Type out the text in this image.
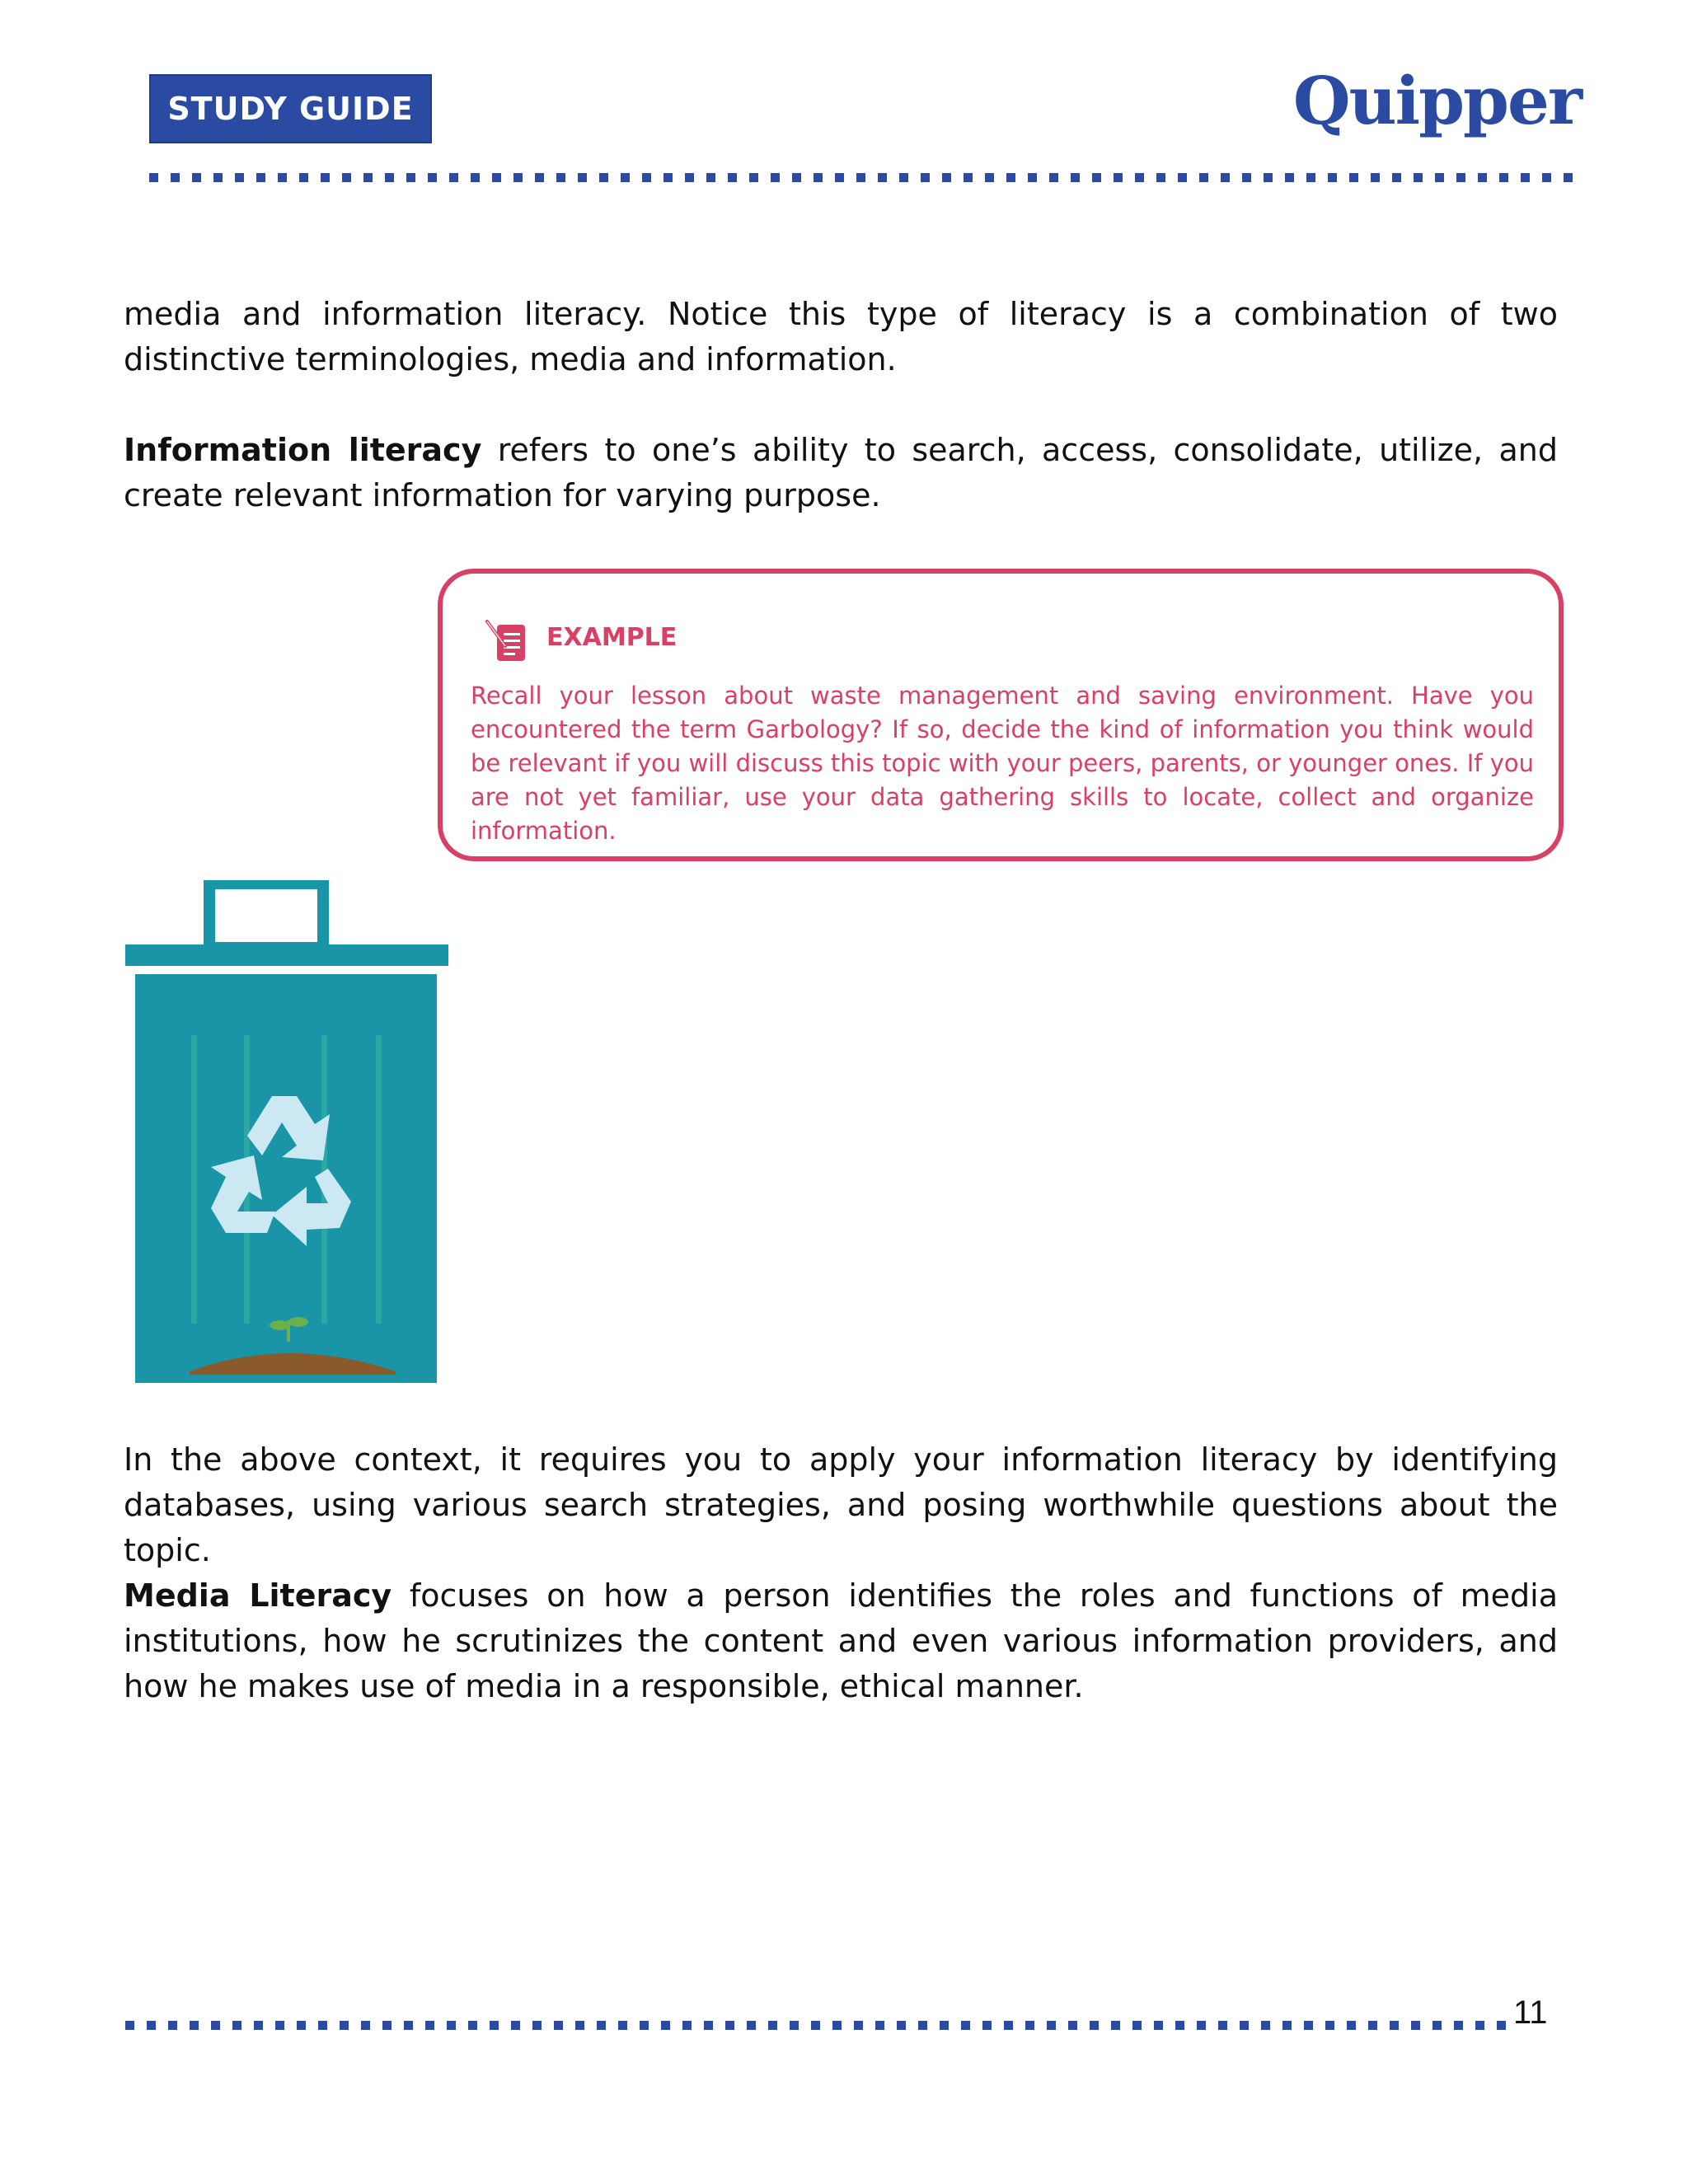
STUDY GUIDE	Quipper

media and information literacy. Notice this type of literacy is a combination of two distinctive terminologies, media and information.

Information literacy refers to one’s ability to search, access, consolidate, utilize, and create relevant information for varying purpose.

EXAMPLE

Recall your lesson about waste management and saving environment. Have you encountered the term Garbology? If so, decide the kind of information you think would be relevant if you will discuss this topic with your peers, parents, or younger ones. If you are not yet familiar, use your data gathering skills to locate, collect and organize information.

In the above context, it requires you to apply your information literacy by identifying databases, using various search strategies, and posing worthwhile questions about the topic.

Media Literacy focuses on how a person identifies the roles and functions of media institutions, how he scrutinizes the content and even various information providers, and how he makes use of media in a responsible, ethical manner.

11
